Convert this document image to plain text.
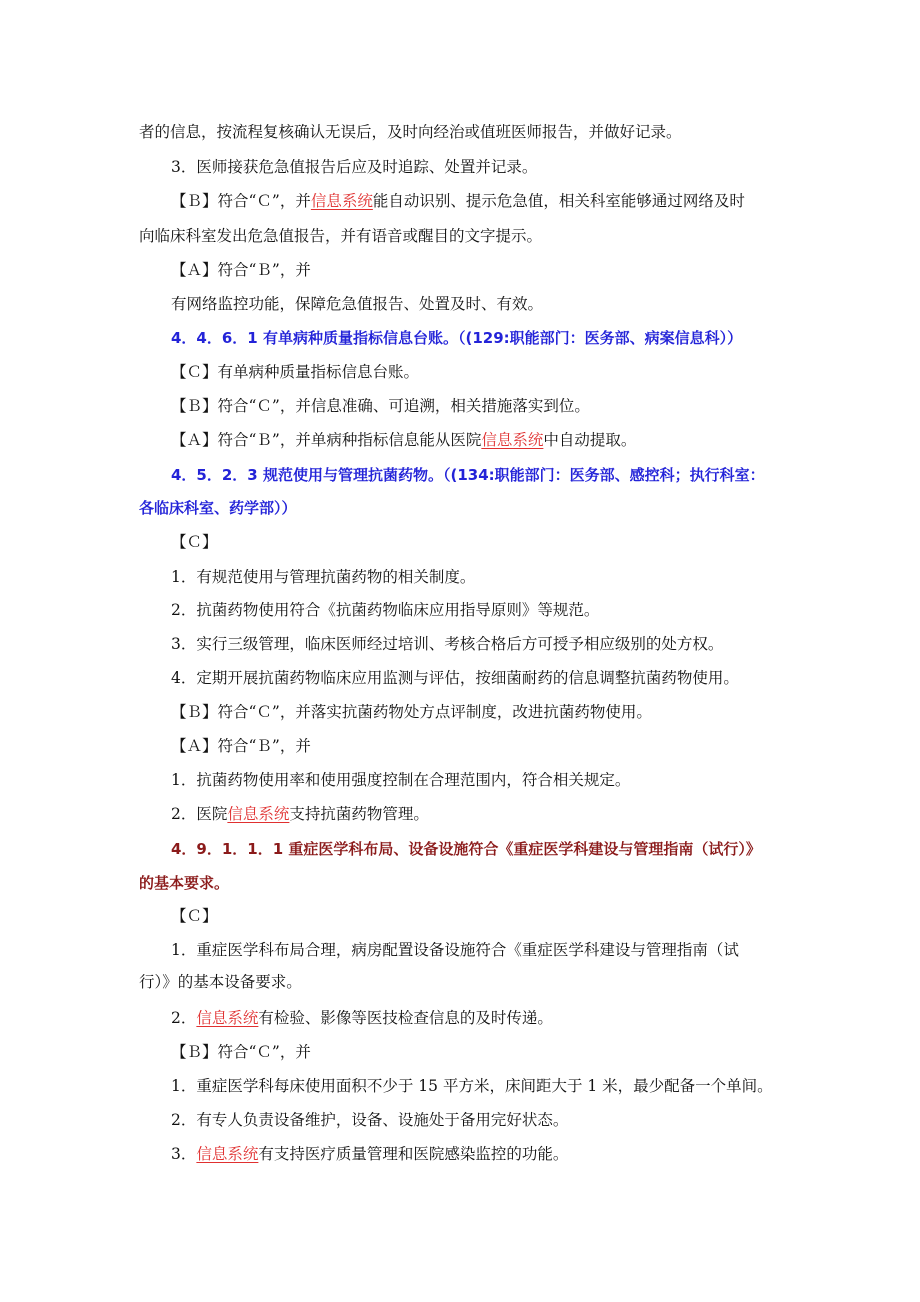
者的信息，按流程复核确认无误后，及时向经治或值班医师报告，并做好记录。
3．医师接获危急值报告后应及时追踪、处置并记录。
【Ｂ】符合“Ｃ”，并信息系统能自动识别、提示危急值，相关科室能够通过网络及时
向临床科室发出危急值报告，并有语音或醒目的文字提示。
【Ａ】符合“Ｂ”，并
有网络监控功能，保障危急值报告、处置及时、有效。
4．4．6．1 有单病种质量指标信息台账。（(129:职能部门：医务部、病案信息科））
【Ｃ】有单病种质量指标信息台账。
【Ｂ】符合“Ｃ”，并信息准确、可追溯，相关措施落实到位。
【Ａ】符合“Ｂ”，并单病种指标信息能从医院信息系统中自动提取。
4．5．2．3 规范使用与管理抗菌药物。（(134:职能部门：医务部、感控科；执行科室：
各临床科室、药学部））
【Ｃ】
1．有规范使用与管理抗菌药物的相关制度。
2．抗菌药物使用符合《抗菌药物临床应用指导原则》等规范。
3．实行三级管理，临床医师经过培训、考核合格后方可授予相应级别的处方权。
4．定期开展抗菌药物临床应用监测与评估，按细菌耐药的信息调整抗菌药物使用。
【Ｂ】符合“Ｃ”，并落实抗菌药物处方点评制度，改进抗菌药物使用。
【Ａ】符合“Ｂ”，并
1．抗菌药物使用率和使用强度控制在合理范围内，符合相关规定。
2．医院信息系统支持抗菌药物管理。
4．9．1．1．1 重症医学科布局、设备设施符合《重症医学科建设与管理指南（试行）》
的基本要求。
【Ｃ】
1．重症医学科布局合理，病房配置设备设施符合《重症医学科建设与管理指南（试
行）》的基本设备要求。
2．信息系统有检验、影像等医技检查信息的及时传递。
【Ｂ】符合“Ｃ”，并
1．重症医学科每床使用面积不少于 15 平方米，床间距大于 1 米，最少配备一个单间。
2．有专人负责设备维护，设备、设施处于备用完好状态。
3．信息系统有支持医疗质量管理和医院感染监控的功能。
